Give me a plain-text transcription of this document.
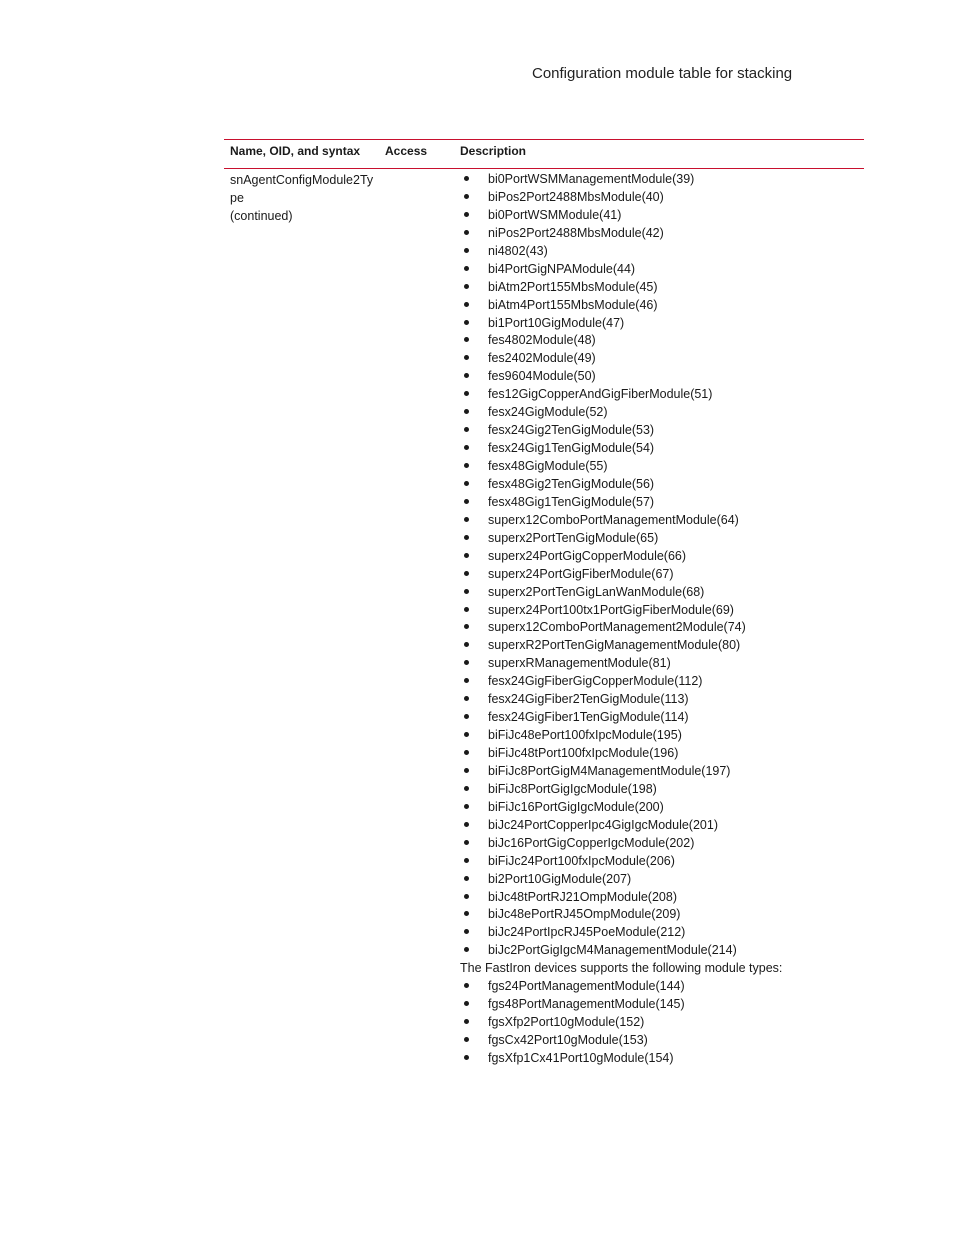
Configuration module table for stacking
Name, OID, and syntax Access	Description
snAgentConfigModule2Ty
pe
(continued)
bi0PortWSMManagementModule(39)
biPos2Port2488MbsModule(40)
bi0PortWSMModule(41)
niPos2Port2488MbsModule(42)
ni4802(43)
bi4PortGigNPAModule(44)
biAtm2Port155MbsModule(45)
biAtm4Port155MbsModule(46)
bi1Port10GigModule(47)
fes4802Module(48)
fes2402Module(49)
fes9604Module(50)
fes12GigCopperAndGigFiberModule(51)
fesx24GigModule(52)
fesx24Gig2TenGigModule(53)
fesx24Gig1TenGigModule(54)
fesx48GigModule(55)
fesx48Gig2TenGigModule(56)
fesx48Gig1TenGigModule(57)
superx12ComboPortManagementModule(64)
superx2PortTenGigModule(65)
superx24PortGigCopperModule(66)
superx24PortGigFiberModule(67)
superx2PortTenGigLanWanModule(68)
superx24Port100tx1PortGigFiberModule(69)
superx12ComboPortManagement2Module(74)
superxR2PortTenGigManagementModule(80)
superxRManagementModule(81)
fesx24GigFiberGigCopperModule(112)
fesx24GigFiber2TenGigModule(113)
fesx24GigFiber1TenGigModule(114)
biFiJc48ePort100fxIpcModule(195)
biFiJc48tPort100fxIpcModule(196)
biFiJc8PortGigM4ManagementModule(197)
biFiJc8PortGigIgcModule(198)
biFiJc16PortGigIgcModule(200)
biJc24PortCopperIpc4GigIgcModule(201)
biJc16PortGigCopperIgcModule(202)
biFiJc24Port100fxIpcModule(206)
bi2Port10GigModule(207)
biJc48tPortRJ21OmpModule(208)
biJc48ePortRJ45OmpModule(209)
biJc24PortIpcRJ45PoeModule(212)
biJc2PortGigIgcM4ManagementModule(214)
The FastIron devices supports the following module types:
fgs24PortManagementModule(144)
fgs48PortManagementModule(145)
fgsXfp2Port10gModule(152)
fgsCx42Port10gModule(153)
fgsXfp1Cx41Port10gModule(154)
